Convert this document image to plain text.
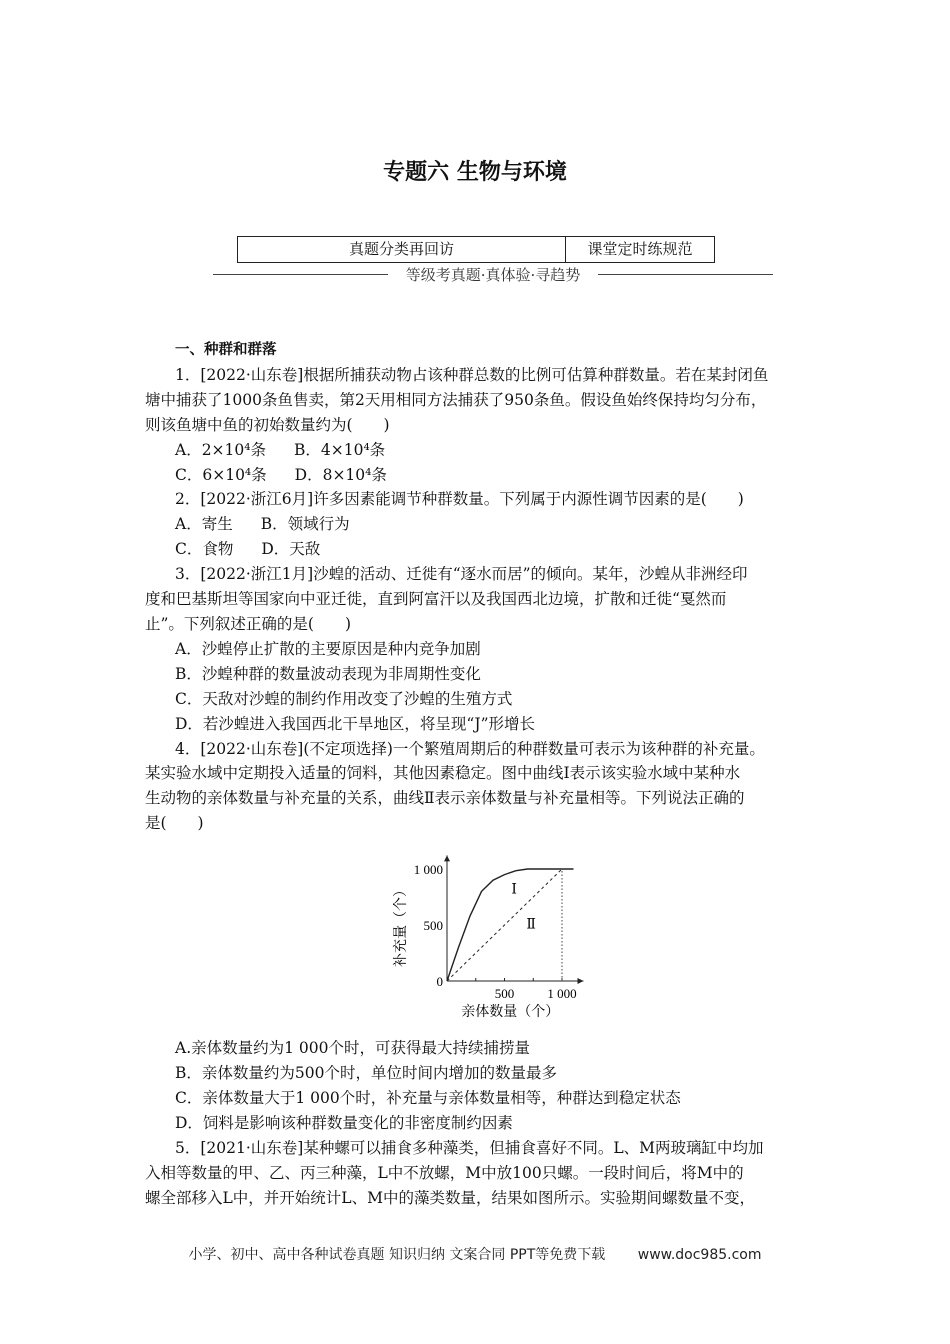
专题六 生物与环境
真题分类再回访	课堂定时练规范
等级考真题·真体验·寻趋势
一、种群和群落
1．[2022·山东卷]根据所捕获动物占该种群总数的比例可估算种群数量。若在某封闭鱼
塘中捕获了1000条鱼售卖，第2天用相同方法捕获了950条鱼。假设鱼始终保持均匀分布，
则该鱼塘中鱼的初始数量约为(　　)
A．2×10⁴条 B．4×10⁴条
C．6×10⁴条 D．8×10⁴条
2．[2022·浙江6月]许多因素能调节种群数量。下列属于内源性调节因素的是(　　)
A．寄生 B．领域行为
C．食物 D．天敌
3．[2022·浙江1月]沙蝗的活动、迁徙有“逐水而居”的倾向。某年，沙蝗从非洲经印
度和巴基斯坦等国家向中亚迁徙，直到阿富汗以及我国西北边境，扩散和迁徙“戛然而
止”。下列叙述正确的是(　　)
A．沙蝗停止扩散的主要原因是种内竞争加剧
B．沙蝗种群的数量波动表现为非周期性变化
C．天敌对沙蝗的制约作用改变了沙蝗的生殖方式
D．若沙蝗进入我国西北干旱地区，将呈现“J”形增长
4．[2022·山东卷](不定项选择)一个繁殖周期后的种群数量可表示为该种群的补充量。
某实验水域中定期投入适量的饲料，其他因素稳定。图中曲线Ⅰ表示该实验水域中某种水
生动物的亲体数量与补充量的关系，曲线Ⅱ表示亲体数量与补充量相等。下列说法正确的
是(　　)
500	1 000
0
500
1 000
亲体数量（个）
补充量（个）	Ⅰ
Ⅱ
A.亲体数量约为1 000个时，可获得最大持续捕捞量
B．亲体数量约为500个时，单位时间内增加的数量最多
C．亲体数量大于1 000个时，补充量与亲体数量相等，种群达到稳定状态
D．饲料是影响该种群数量变化的非密度制约因素
5．[2021·山东卷]某种螺可以捕食多种藻类，但捕食喜好不同。L、M两玻璃缸中均加
入相等数量的甲、乙、丙三种藻，L中不放螺，M中放100只螺。一段时间后，将M中的
螺全部移入L中，并开始统计L、M中的藻类数量，结果如图所示。实验期间螺数量不变，
小学、初中、高中各种试卷真题 知识归纳 文案合同 PPT等免费下载 www.doc985.com
